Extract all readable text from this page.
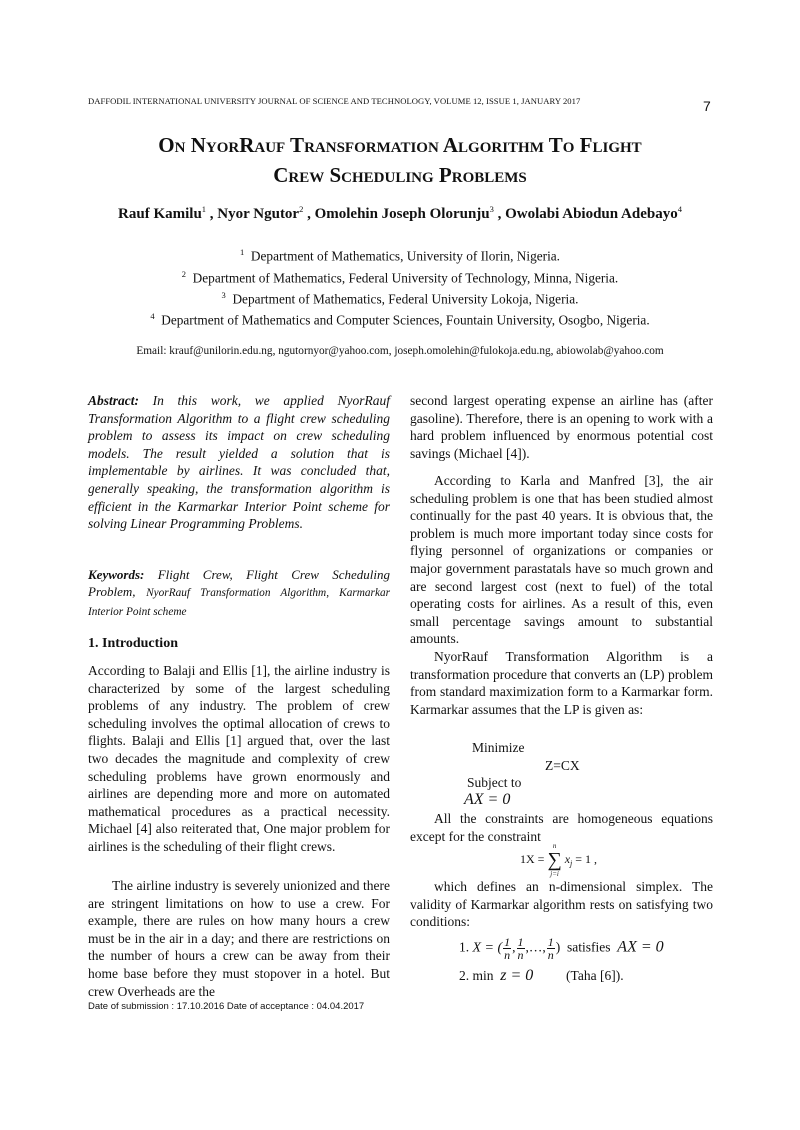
DAFFODIL INTERNATIONAL UNIVERSITY JOURNAL OF SCIENCE AND TECHNOLOGY, VOLUME 12, ISSUE 1, JANUARY 2017	7
On NyorRauf Transformation Algorithm To Flight
Crew Scheduling Problems
Rauf Kamilu$^1$ , Nyor Ngutor$^2$ , Omolehin Joseph Olorunju$^3$ , Owolabi Abiodun Adebayo$^4$
$^1$ Department of Mathematics, University of Ilorin, Nigeria.
$^2$ Department of Mathematics, Federal University of Technology, Minna, Nigeria.
$^3$ Department of Mathematics, Federal University Lokoja, Nigeria.
$^4$ Department of Mathematics and Computer Sciences, Fountain University, Osogbo, Nigeria.
Email: krauf@unilorin.edu.ng, ngutornyor@yahoo.com, joseph.omolehin@fulokoja.edu.ng, abiowolab@yahoo.com

Abstract: In this work, we applied NyorRauf Transformation Algorithm to a flight crew scheduling problem to assess its impact on crew scheduling models. The result yielded a solution that is implementable by airlines. It was concluded that, generally speaking, the transformation algorithm is efficient in the Karmarkar Interior Point scheme for solving Linear Programming Problems.

Keywords: Flight Crew, Flight Crew Scheduling Problem, NyorRauf Transformation Algorithm, Karmarkar Interior Point scheme

1. Introduction

According to Balaji and Ellis [1], the airline industry is characterized by some of the largest scheduling problems of any industry. The problem of crew scheduling involves the optimal allocation of crews to flights. Balaji and Ellis [1] argued that, over the last two decades the magnitude and complexity of crew scheduling problems have grown enormously and airlines are depending more and more on automated mathematical procedures as a practical necessity. Michael [4] also reiterated that, One major problem for airlines is the scheduling of their flight crews.

The airline industry is severely unionized and there are stringent limitations on how to use a crew. For example, there are rules on how many hours a crew must be in the air in a day; and there are restrictions on the number of hours a crew can be away from their home base before they must stopover in a hotel. But crew Overheads are the

second largest operating expense an airline has (after gasoline). Therefore, there is an opening to work with a hard problem influenced by enormous potential cost savings (Michael [4]).

According to Karla and Manfred [3], the air scheduling problem is one that has been studied almost continually for the past 40 years. It is obvious that, the problem is much more important today since costs for flying personnel of organizations or companies or major government parastatals have so much grown and are second largest cost (next to fuel) of the total operating costs for airlines. As a result of this, even small percentage savings amount to substantial amounts.

NyorRauf Transformation Algorithm is a transformation procedure that converts an (LP) problem from standard maximization form to a Karmarkar form. Karmarkar assumes that the LP is given as:

Minimize
Z=CX
Subject to
AX = 0

All the constraints are homogeneous equations except for the constraint

1X =
n
∑
j=i
$x_j = 1$ ,

which defines an n-dimensional simplex. The validity of Karmarkar algorithm rests on satisfying two conditions:

1. X = ( $\frac{1}{n}$ , $\frac{1}{n}$ ,…, $\frac{1}{n}$ ) satisfies AX = 0
2. min z = 0 (Taha [6]).
Date of submission : 17.10.2016 Date of acceptance : 04.04.2017
